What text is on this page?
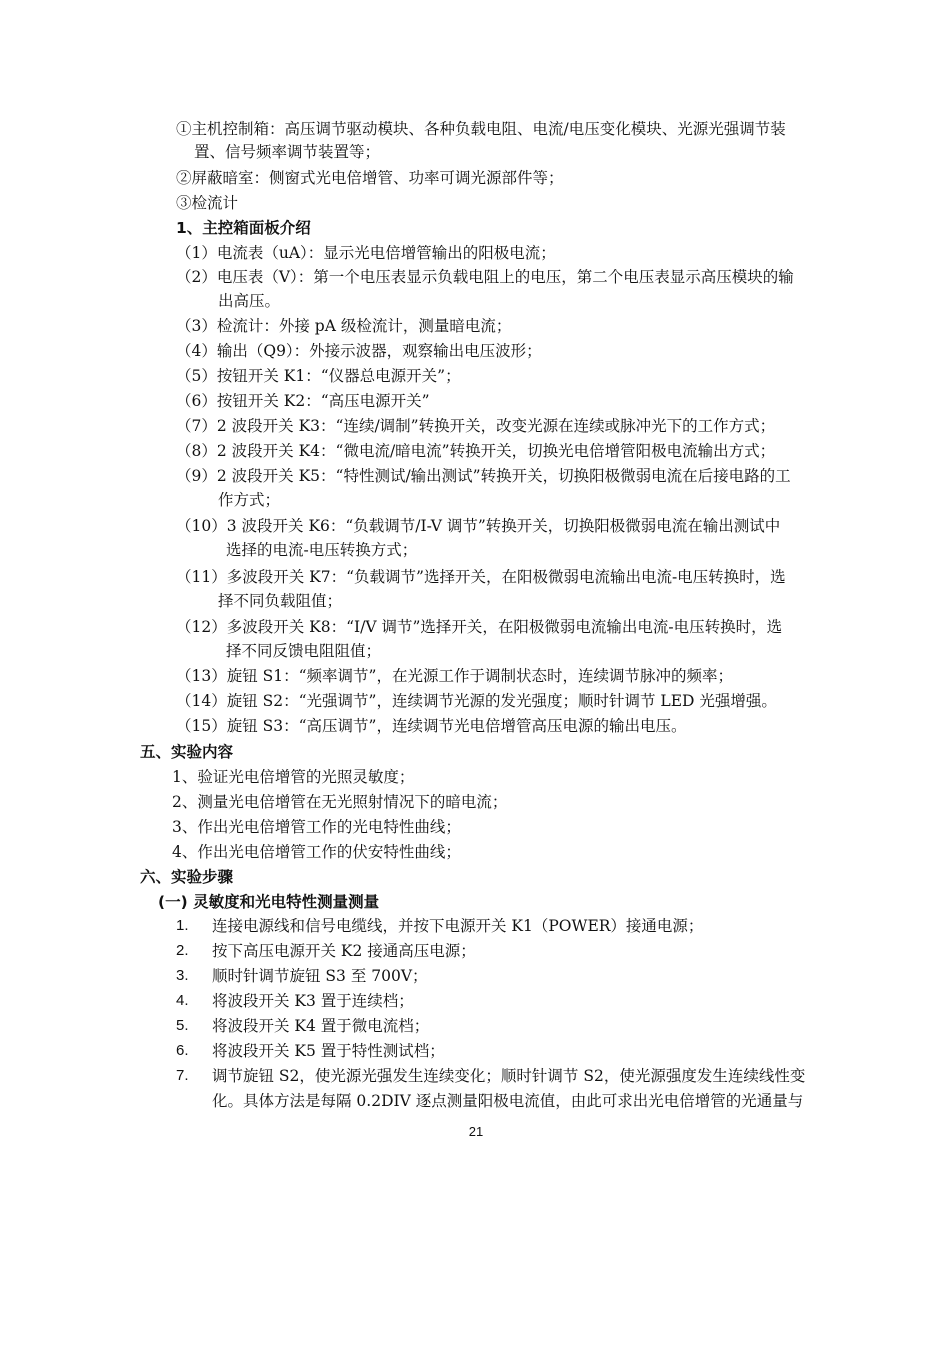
①主机控制箱：高压调节驱动模块、各种负载电阻、电流/电压变化模块、光源光强调节装
置、信号频率调节装置等；
②屏蔽暗室：侧窗式光电倍增管、功率可调光源部件等；
③检流计
1、主控箱面板介绍
（1）电流表（uA）：显示光电倍增管输出的阳极电流；
（2）电压表（V）：第一个电压表显示负载电阻上的电压，第二个电压表显示高压模块的输
出高压。
（3）检流计：外接 pA 级检流计，测量暗电流；
（4）输出（Q9）：外接示波器，观察输出电压波形；
（5）按钮开关 K1：“仪器总电源开关”；
（6）按钮开关 K2：“高压电源开关”
（7）2 波段开关 K3：“连续/调制”转换开关，改变光源在连续或脉冲光下的工作方式；
（8）2 波段开关 K4：“微电流/暗电流”转换开关，切换光电倍增管阳极电流输出方式；
（9）2 波段开关 K5：“特性测试/输出测试”转换开关，切换阳极微弱电流在后接电路的工
作方式；
（10）3 波段开关 K6：“负载调节/I-V 调节”转换开关，切换阳极微弱电流在输出测试中
选择的电流-电压转换方式；
（11）多波段开关 K7：“负载调节”选择开关，在阳极微弱电流输出电流-电压转换时，选
择不同负载阻值；
（12）多波段开关 K8：“I/V 调节”选择开关，在阳极微弱电流输出电流-电压转换时，选
择不同反馈电阻阻值；
（13）旋钮 S1：“频率调节”，在光源工作于调制状态时，连续调节脉冲的频率；
（14）旋钮 S2：“光强调节”，连续调节光源的发光强度；顺时针调节 LED 光强增强。
（15）旋钮 S3：“高压调节”，连续调节光电倍增管高压电源的输出电压。
五、实验内容
1、验证光电倍增管的光照灵敏度；
2、测量光电倍增管在无光照射情况下的暗电流；
3、作出光电倍增管工作的光电特性曲线；
4、作出光电倍增管工作的伏安特性曲线；
六、实验步骤
(一) 灵敏度和光电特性测量测量
1. 连接电源线和信号电缆线，并按下电源开关 K1（POWER）接通电源；
2. 按下高压电源开关 K2 接通高压电源；
3. 顺时针调节旋钮 S3 至 700V；
4. 将波段开关 K3 置于连续档；
5. 将波段开关 K4 置于微电流档；
6. 将波段开关 K5 置于特性测试档；
7. 调节旋钮 S2，使光源光强发生连续变化；顺时针调节 S2，使光源强度发生连续线性变
化。具体方法是每隔 0.2DIV 逐点测量阳极电流值，由此可求出光电倍增管的光通量与
21
